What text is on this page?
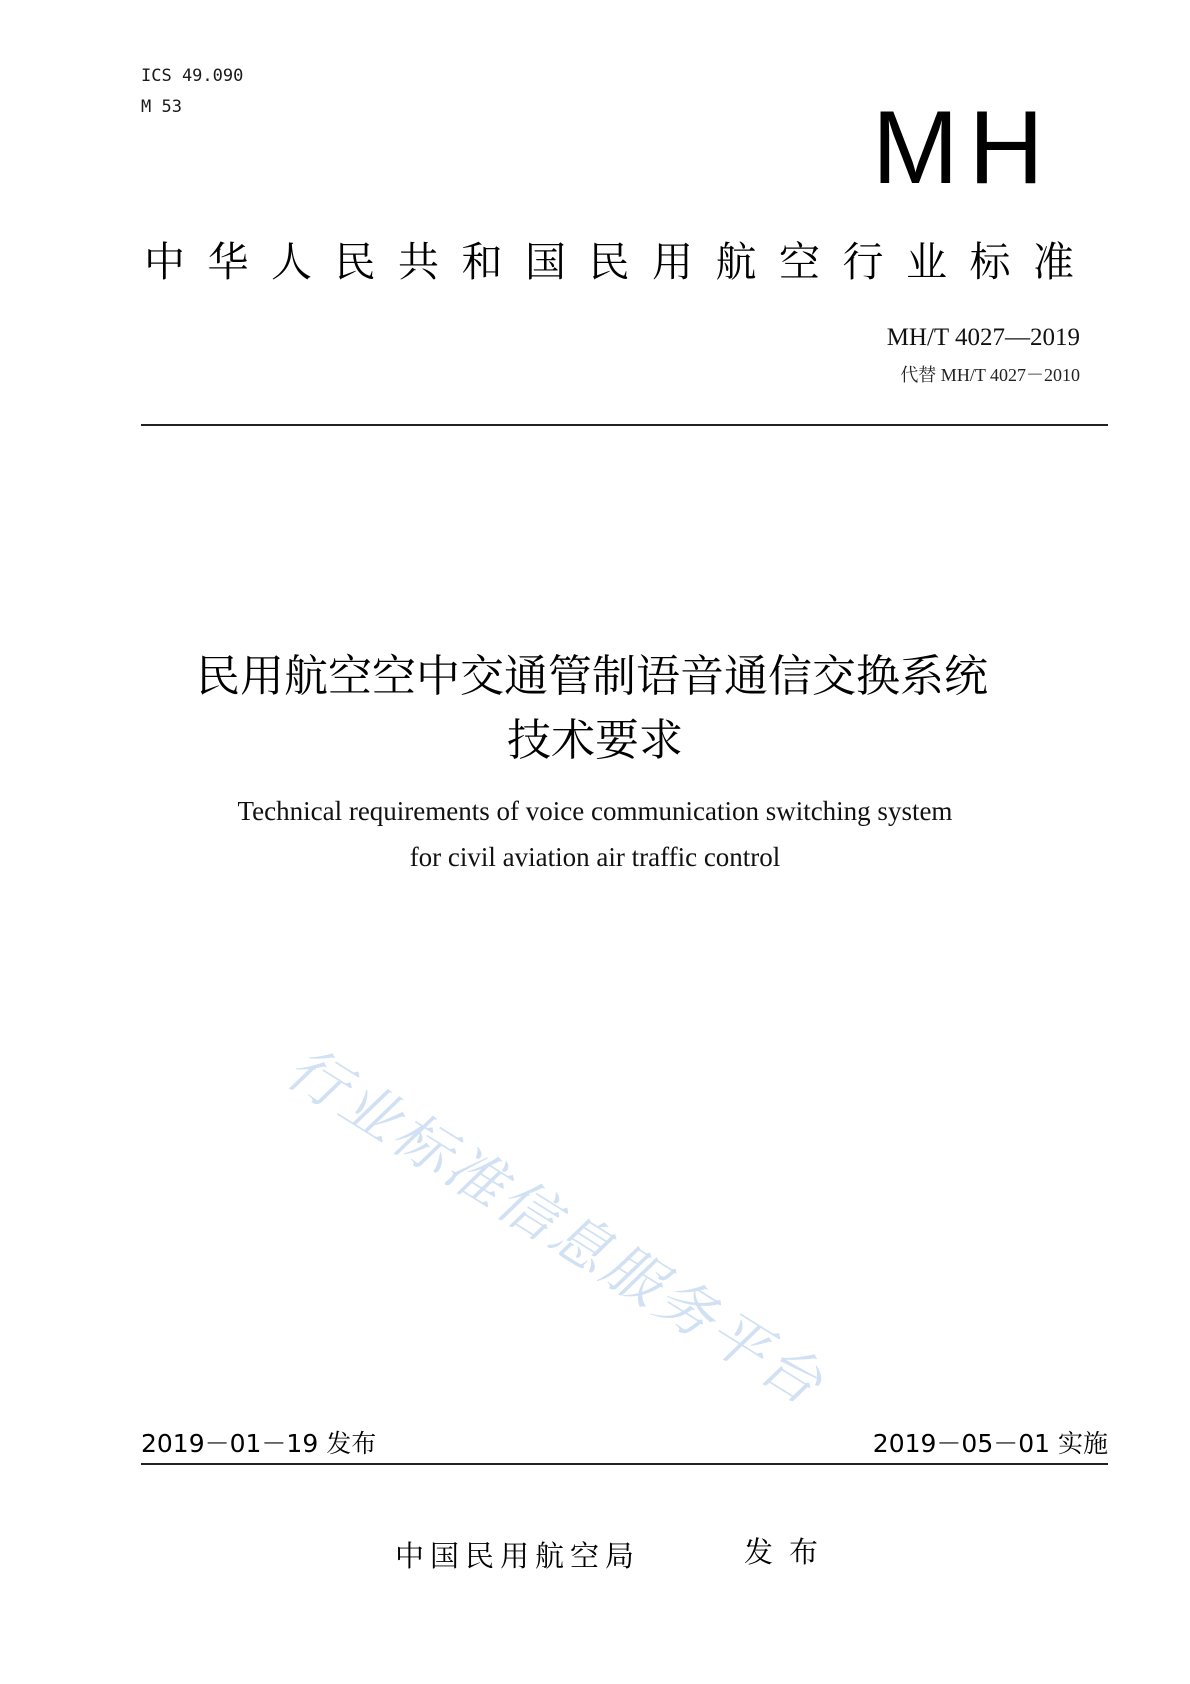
ICS 49.090
M 53	MH
中华人民共和国民用航空行业标准
MH/T 4027—2019
代替 MH/T 4027－2010
民用航空空中交通管制语音通信交换系统
技术要求
Technical requirements of voice communication switching system
for civil aviation air traffic control
行业标准信息服务平台
2019－01－19 发布	2019－05－01 实施
中国民用航空局	发布
